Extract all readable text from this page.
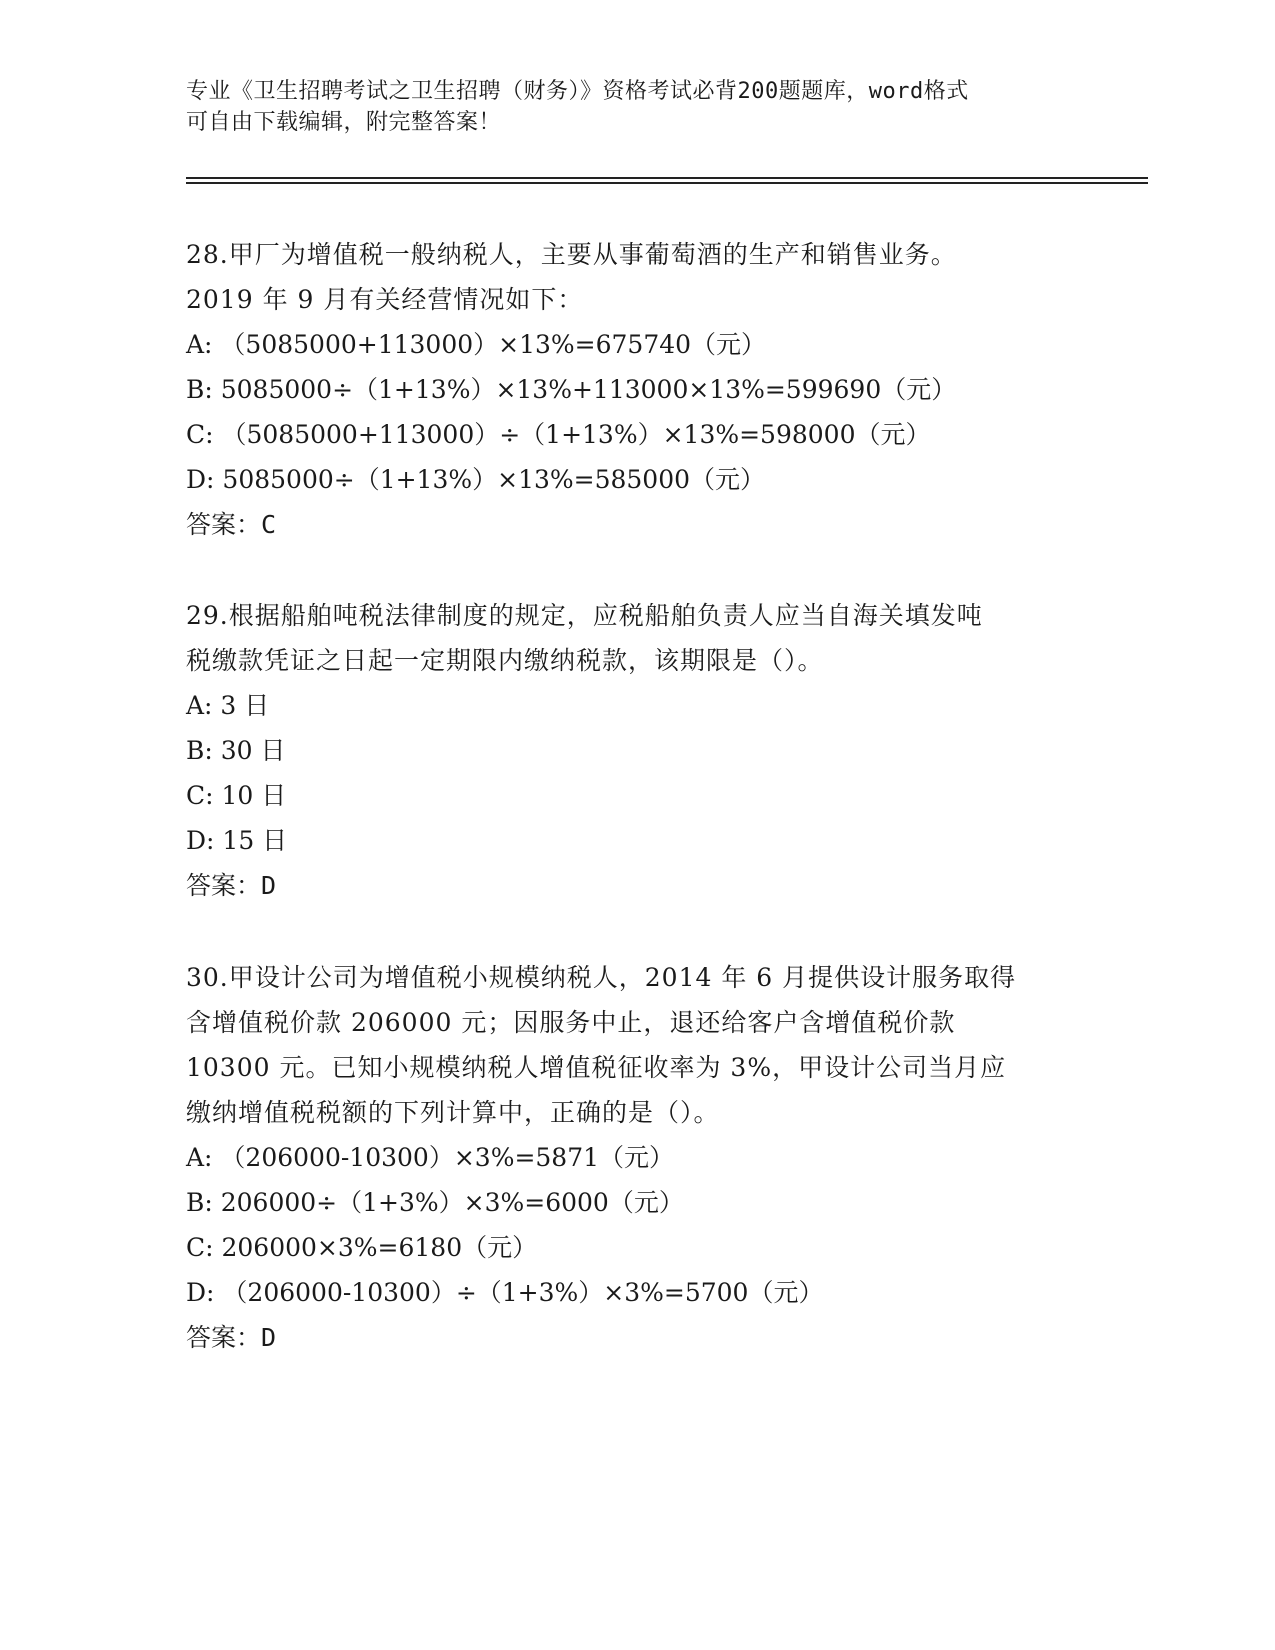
专业《卫生招聘考试之卫生招聘（财务）》资格考试必背200题题库，word格式
可自由下载编辑，附完整答案！
28.甲厂为增值税一般纳税人，主要从事葡萄酒的生产和销售业务。
2019 年 9 月有关经营情况如下：
A: （5085000+113000）×13%=675740（元）
B: 5085000÷（1+13%）×13%+113000×13%=599690（元）
C: （5085000+113000）÷（1+13%）×13%=598000（元）
D: 5085000÷（1+13%）×13%=585000（元）
答案：C
29.根据船舶吨税法律制度的规定，应税船舶负责人应当自海关填发吨
税缴款凭证之日起一定期限内缴纳税款，该期限是（）。
A: 3 日
B: 30 日
C: 10 日
D: 15 日
答案：D
30.甲设计公司为增值税小规模纳税人，2014 年 6 月提供设计服务取得
含增值税价款 206000 元；因服务中止，退还给客户含增值税价款
10300 元。已知小规模纳税人增值税征收率为 3%，甲设计公司当月应
缴纳增值税税额的下列计算中，正确的是（）。
A: （206000-10300）×3%=5871（元）
B: 206000÷（1+3%）×3%=6000（元）
C: 206000×3%=6180（元）
D: （206000-10300）÷（1+3%）×3%=5700（元）
答案：D
